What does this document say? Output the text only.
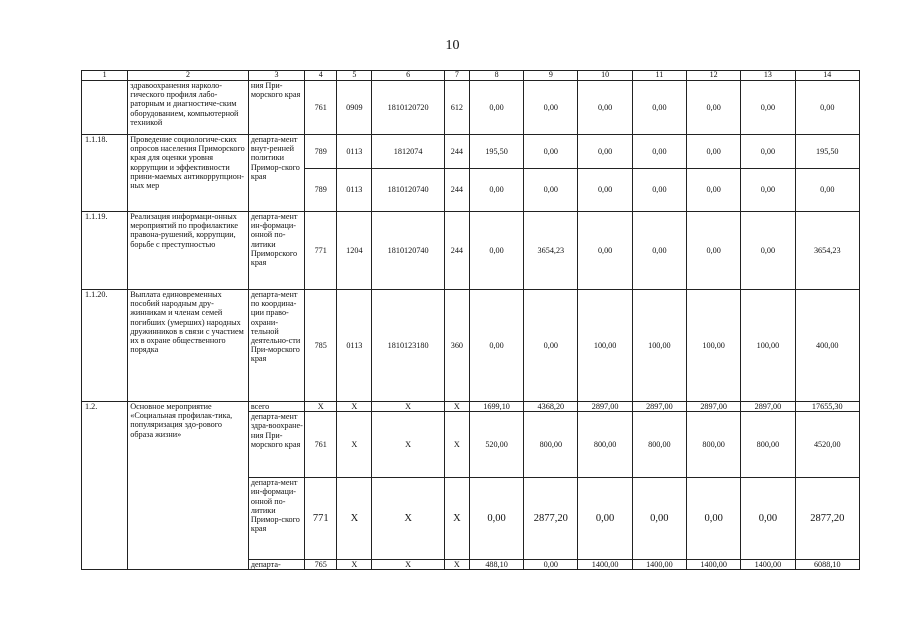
10
1	2	3	4	5	6	7	8	9	10	11	12	13	14
	здравоохранения нарколо-гического профиля лабо-раторным и диагностиче-ским оборудованием, компьютерной техникой	ния При-морского края	761	0909	1810120720	612	0,00	0,00	0,00	0,00	0,00	0,00	0,00
1.1.18.	Проведение социологиче-ских опросов населения Приморского края для оценки уровня коррупции и эффективности прини-маемых антикоррупцион-ных мер	департа-мент внут-ренней политики Примор-ского края	789	0113	1812074	244	195,50	0,00	0,00	0,00	0,00	0,00	195,50
			789	0113	1810120740	244	0,00	0,00	0,00	0,00	0,00	0,00	0,00
1.1.19.	Реализация информаци-онных мероприятий по профилактике правона-рушений, коррупции, борьбе с преступностью	департа-мент ин-формаци-онной по-литики Приморского края	771	1204	1810120740	244	0,00	3654,23	0,00	0,00	0,00	0,00	3654,23
1.1.20.	Выплата единовременных пособий народным дру-жинникам и членам семей погибших (умерших) народных дружинников в связи с участием их в охране общественного порядка	департа-мент по координа-ции право-охрани-тельной деятельно-сти При-морского края	785	0113	1810123180	360	0,00	0,00	100,00	100,00	100,00	100,00	400,00
1.2.	Основное мероприятие «Социальная профилак-тика, популяризация здо-рового образа жизни»	всего	X	X	X	X	1699,10	4368,20	2897,00	2897,00	2897,00	2897,00	17655,30
		департа-мент здра-воохране-ния При-морского края	761	X	X	X	520,00	800,00	800,00	800,00	800,00	800,00	4520,00
		департа-мент ин-формаци-онной по-литики Примор-ского края	771	X	X	X	0,00	2877,20	0,00	0,00	0,00	0,00	2877,20
		департа-	765	X	X	X	488,10	0,00	1400,00	1400,00	1400,00	1400,00	6088,10
